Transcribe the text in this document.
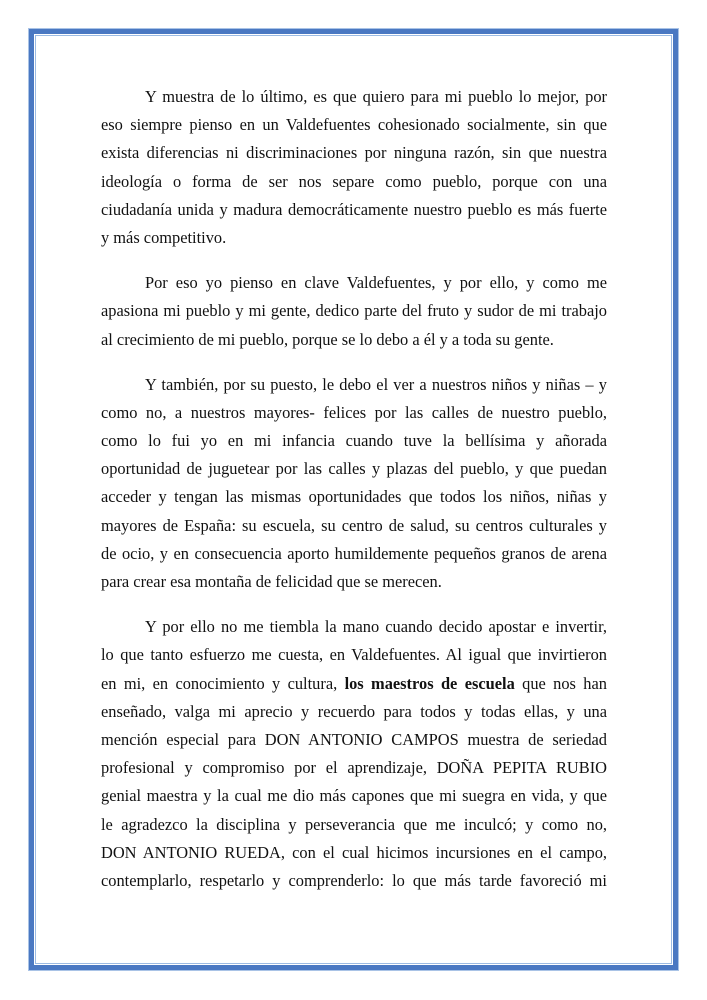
Y muestra de lo último, es que quiero para mi pueblo lo mejor, por
eso siempre pienso en un Valdefuentes cohesionado socialmente, sin que
exista diferencias ni discriminaciones por ninguna razón, sin que nuestra
ideología o forma de ser nos separe como pueblo, porque con una
ciudadanía unida y madura democráticamente nuestro pueblo es más fuerte
y más competitivo.
Por eso yo pienso en clave Valdefuentes, y por ello, y como me
apasiona mi pueblo y mi gente, dedico parte del fruto y sudor de mi trabajo
al crecimiento de mi pueblo, porque se lo debo a él y a toda su gente.
Y también, por su puesto, le debo el ver a nuestros niños y niñas – y
como no, a nuestros mayores- felices por las calles de nuestro pueblo,
como lo fui yo en mi infancia cuando tuve la bellísima y añorada
oportunidad de juguetear por las calles y plazas del pueblo, y que puedan
acceder y tengan las mismas oportunidades que todos los niños, niñas y
mayores de España: su escuela, su centro de salud, su centros culturales y
de ocio, y en consecuencia aporto humildemente pequeños granos de arena
para crear esa montaña de felicidad que se merecen.
Y por ello no me tiembla la mano cuando decido apostar e invertir,
lo que tanto esfuerzo me cuesta, en Valdefuentes. Al igual que invirtieron
en mi, en conocimiento y cultura, los maestros de escuela que nos han
enseñado, valga mi aprecio y recuerdo para todos y todas ellas, y una
mención especial para DON ANTONIO CAMPOS muestra de seriedad
profesional y compromiso por el aprendizaje, DOÑA PEPITA RUBIO
genial maestra y la cual me dio más capones que mi suegra en vida, y que
le agradezco la disciplina y perseverancia que me inculcó; y como no,
DON ANTONIO RUEDA, con el cual hicimos incursiones en el campo,
contemplarlo, respetarlo y comprenderlo: lo que más tarde favoreció mi
